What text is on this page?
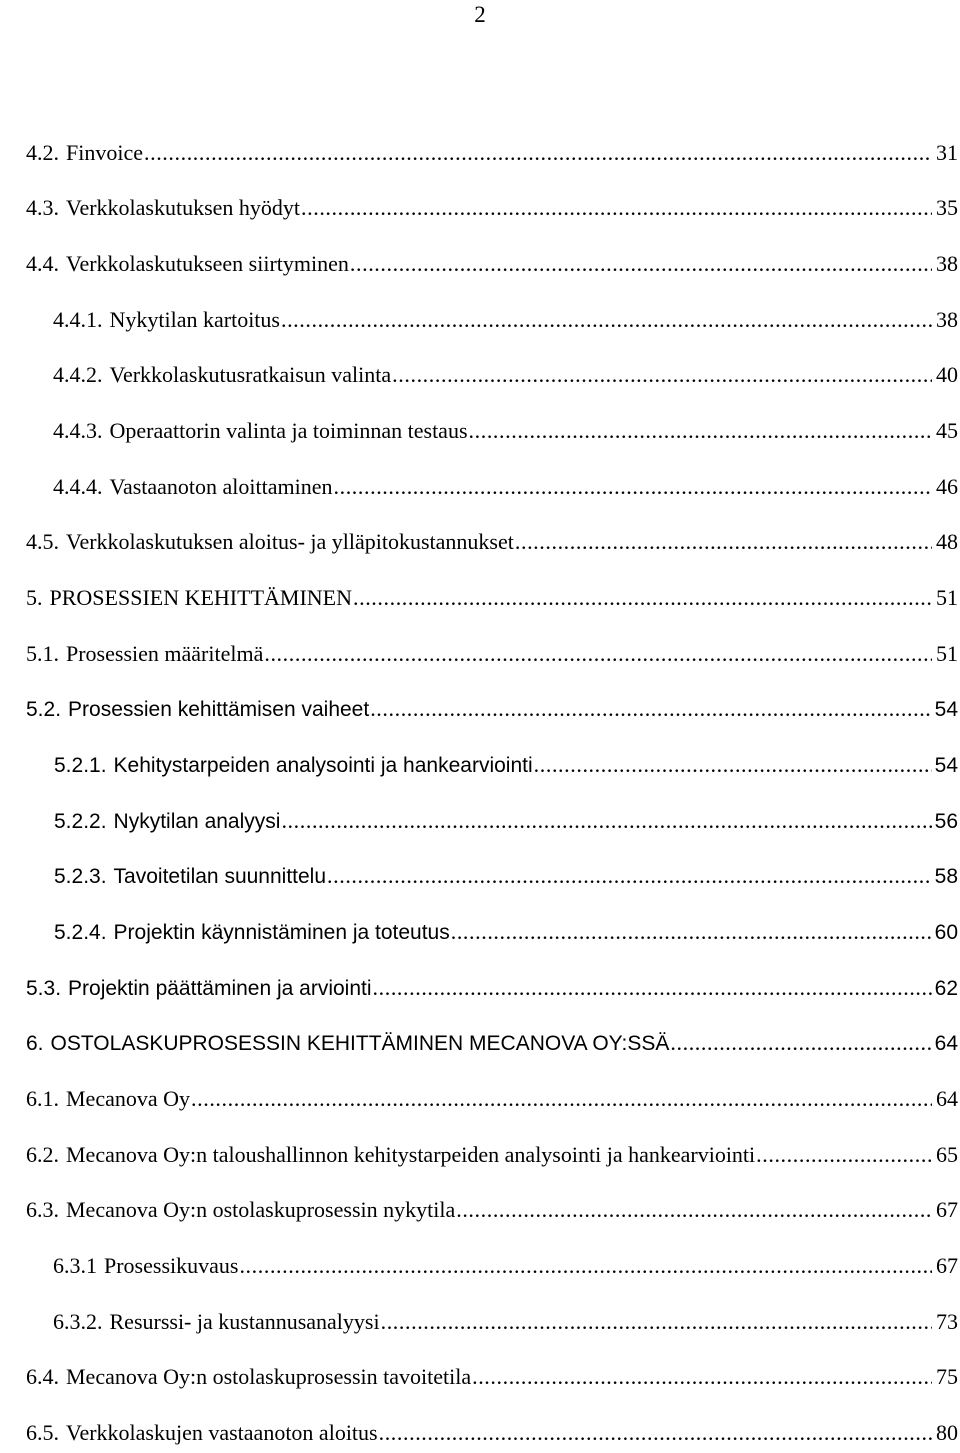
2
4.2. Finvoice .....	31
4.3. Verkkolaskutuksen hyödyt .....	35
4.4. Verkkolaskutukseen siirtyminen .....	38
4.4.1. Nykytilan kartoitus .....	38
4.4.2. Verkkolaskutusratkaisun valinta .....	40
4.4.3. Operaattorin valinta ja toiminnan testaus .....	45
4.4.4. Vastaanoton aloittaminen .....	46
4.5. Verkkolaskutuksen aloitus- ja ylläpitokustannukset .....	48
5. PROSESSIEN KEHITTÄMINEN .....	51
5.1. Prosessien määritelmä .....	51
5.2. Prosessien kehittämisen vaiheet .....	54
5.2.1. Kehitystarpeiden analysointi ja hankearviointi .....	54
5.2.2. Nykytilan analyysi .....	56
5.2.3. Tavoitetilan suunnittelu .....	58
5.2.4. Projektin käynnistäminen ja toteutus .....	60
5.3. Projektin päättäminen ja arviointi .....	62
6. OSTOLASKUPROSESSIN KEHITTÄMINEN MECANOVA OY:SSÄ .....	64
6.1. Mecanova Oy .....	64
6.2. Mecanova Oy:n taloushallinnon kehitystarpeiden analysointi ja hankearviointi .....	65
6.3. Mecanova Oy:n ostolaskuprosessin nykytila .....	67
6.3.1 Prosessikuvaus .....	67
6.3.2. Resurssi- ja kustannusanalyysi .....	73
6.4. Mecanova Oy:n ostolaskuprosessin tavoitetila .....	75
6.5. Verkkolaskujen vastaanoton aloitus .....	80
